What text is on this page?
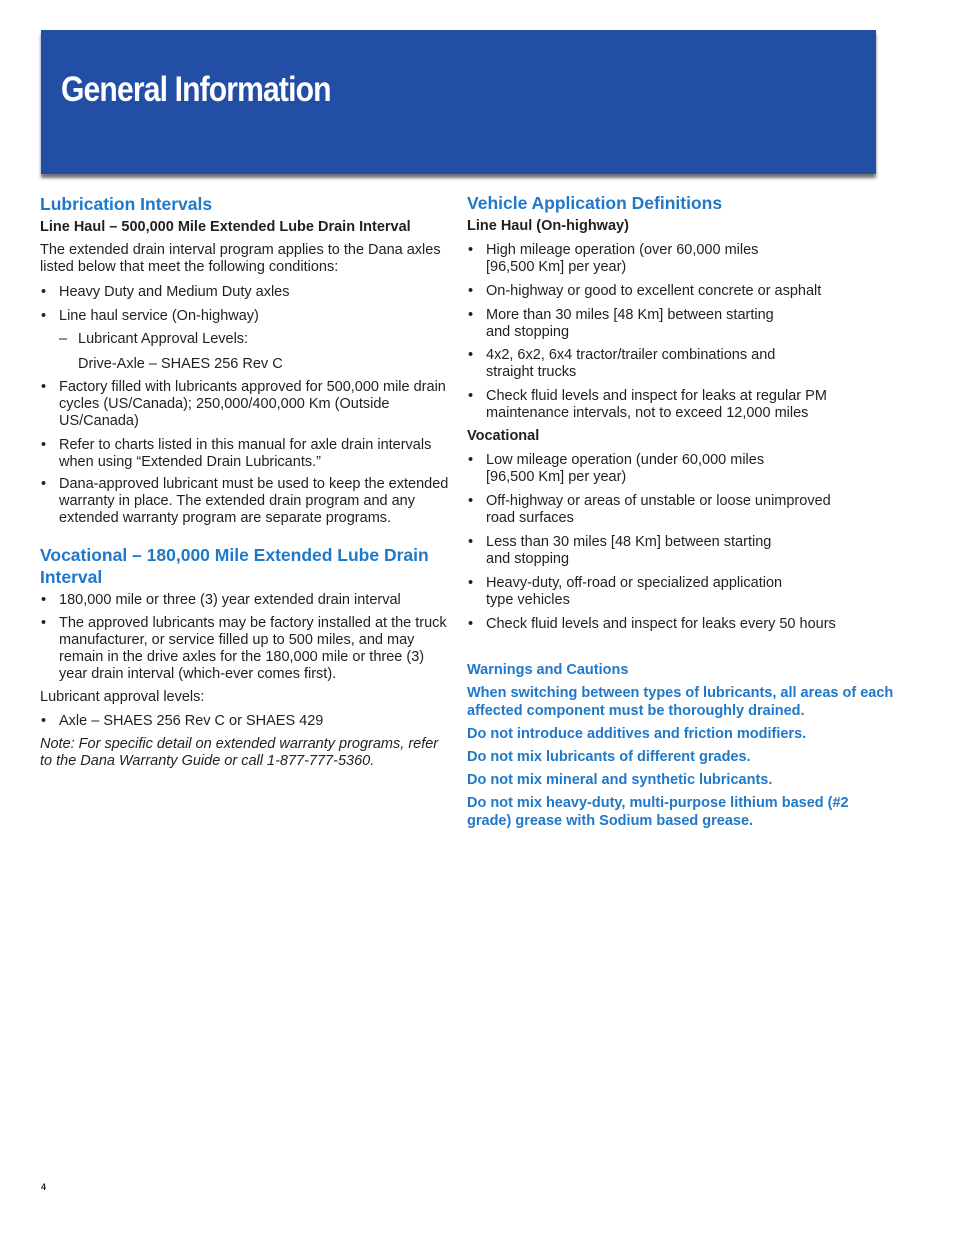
General Information
Lubrication Intervals
Line Haul – 500,000 Mile Extended Lube Drain Interval

The extended drain interval program applies to the Dana axles listed below that meet the following conditions:

• Heavy Duty and Medium Duty axles
• Line haul service (On-highway)

– Lubricant Approval Levels:

Drive-Axle – SHAES 256 Rev C

• Factory filled with lubricants approved for 500,000 mile drain cycles (US/Canada); 250,000/400,000 Km (Outside US/Canada)
• Refer to charts listed in this manual for axle drain intervals when using “Extended Drain Lubricants.”
• Dana-approved lubricant must be used to keep the extended warranty in place. The extended drain program and any extended warranty program are separate programs.
Vocational – 180,000 Mile Extended Lube Drain Interval
• 180,000 mile or three (3) year extended drain interval
• The approved lubricants may be factory installed at the truck manufacturer, or service filled up to 500 miles, and may remain in the drive axles for the 180,000 mile or three (3) year drain interval (which-ever comes first).

Lubricant approval levels:

• Axle – SHAES 256 Rev C or SHAES 429

Note: For specific detail on extended warranty programs, refer to the Dana Warranty Guide or call 1-877-777-5360.

Vehicle Application Definitions
Line Haul (On-highway)
• High mileage operation (over 60,000 miles [96,500 Km] per year)
• On-highway or good to excellent concrete or asphalt
• More than 30 miles [48 Km] between starting and stopping
• 4x2, 6x2, 6x4 tractor/trailer combinations and straight trucks
• Check fluid levels and inspect for leaks at regular PM maintenance intervals, not to exceed 12,000 miles
Vocational
• Low mileage operation (under 60,000 miles [96,500 Km] per year)
• Off-highway or areas of unstable or loose unimproved road surfaces
• Less than 30 miles [48 Km] between starting and stopping
• Heavy-duty, off-road or specialized application type vehicles
• Check fluid levels and inspect for leaks every 50 hours

Warnings and Cautions

When switching between types of lubricants, all areas of each affected component must be thoroughly drained.

Do not introduce additives and friction modifiers.

Do not mix lubricants of different grades.

Do not mix mineral and synthetic lubricants.

Do not mix heavy-duty, multi-purpose lithium based (#2 grade) grease with Sodium based grease.

4
